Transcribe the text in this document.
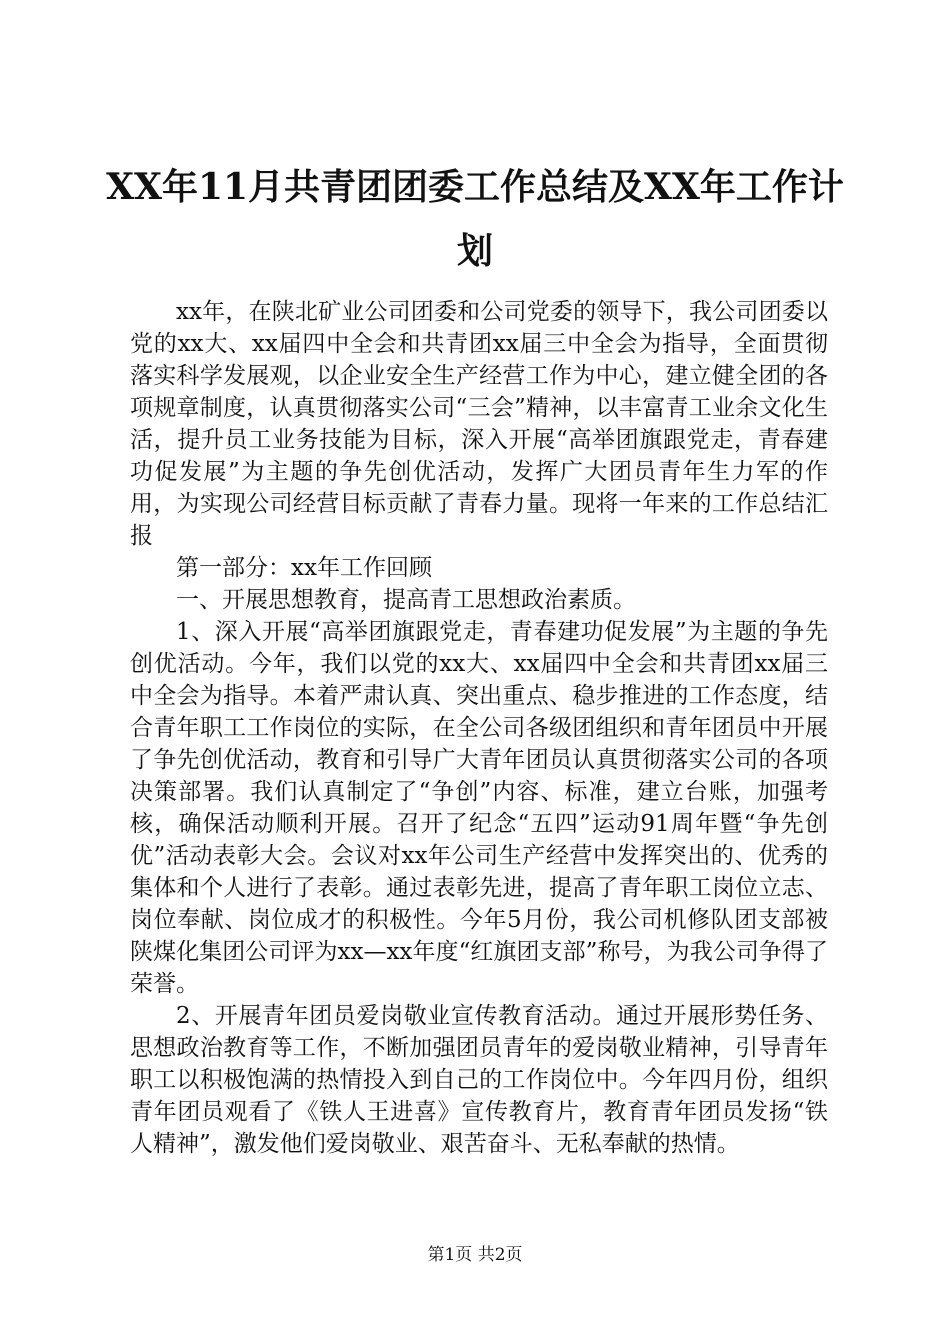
XX年11月共青团团委工作总结及XX年工作计划

xx年，在陕北矿业公司团委和公司党委的领导下，我公司团委以党的xx大、xx届四中全会和共青团xx届三中全会为指导，全面贯彻落实科学发展观，以企业安全生产经营工作为中心，建立健全团的各项规章制度，认真贯彻落实公司“三会”精神，以丰富青工业余文化生活，提升员工业务技能为目标，深入开展“高举团旗跟党走，青春建功促发展”为主题的争先创优活动，发挥广大团员青年生力军的作用，为实现公司经营目标贡献了青春力量。现将一年来的工作总结汇报

第一部分：xx年工作回顾

一、开展思想教育，提高青工思想政治素质。

1、深入开展“高举团旗跟党走，青春建功促发展”为主题的争先创优活动。今年，我们以党的xx大、xx届四中全会和共青团xx届三中全会为指导。本着严肃认真、突出重点、稳步推进的工作态度，结合青年职工工作岗位的实际，在全公司各级团组织和青年团员中开展了争先创优活动，教育和引导广大青年团员认真贯彻落实公司的各项决策部署。我们认真制定了“争创”内容、标准，建立台账，加强考核，确保活动顺利开展。召开了纪念“五四”运动91周年暨“争先创优”活动表彰大会。会议对xx年公司生产经营中发挥突出的、优秀的集体和个人进行了表彰。通过表彰先进，提高了青年职工岗位立志、岗位奉献、岗位成才的积极性。今年5月份，我公司机修队团支部被陕煤化集团公司评为xx—xx年度“红旗团支部”称号，为我公司争得了荣誉。

2、开展青年团员爱岗敬业宣传教育活动。通过开展形势任务、思想政治教育等工作，不断加强团员青年的爱岗敬业精神，引导青年职工以积极饱满的热情投入到自己的工作岗位中。今年四月份，组织青年团员观看了《铁人王进喜》宣传教育片，教育青年团员发扬“铁人精神”，激发他们爱岗敬业、艰苦奋斗、无私奉献的热情。

第1页 共2页
